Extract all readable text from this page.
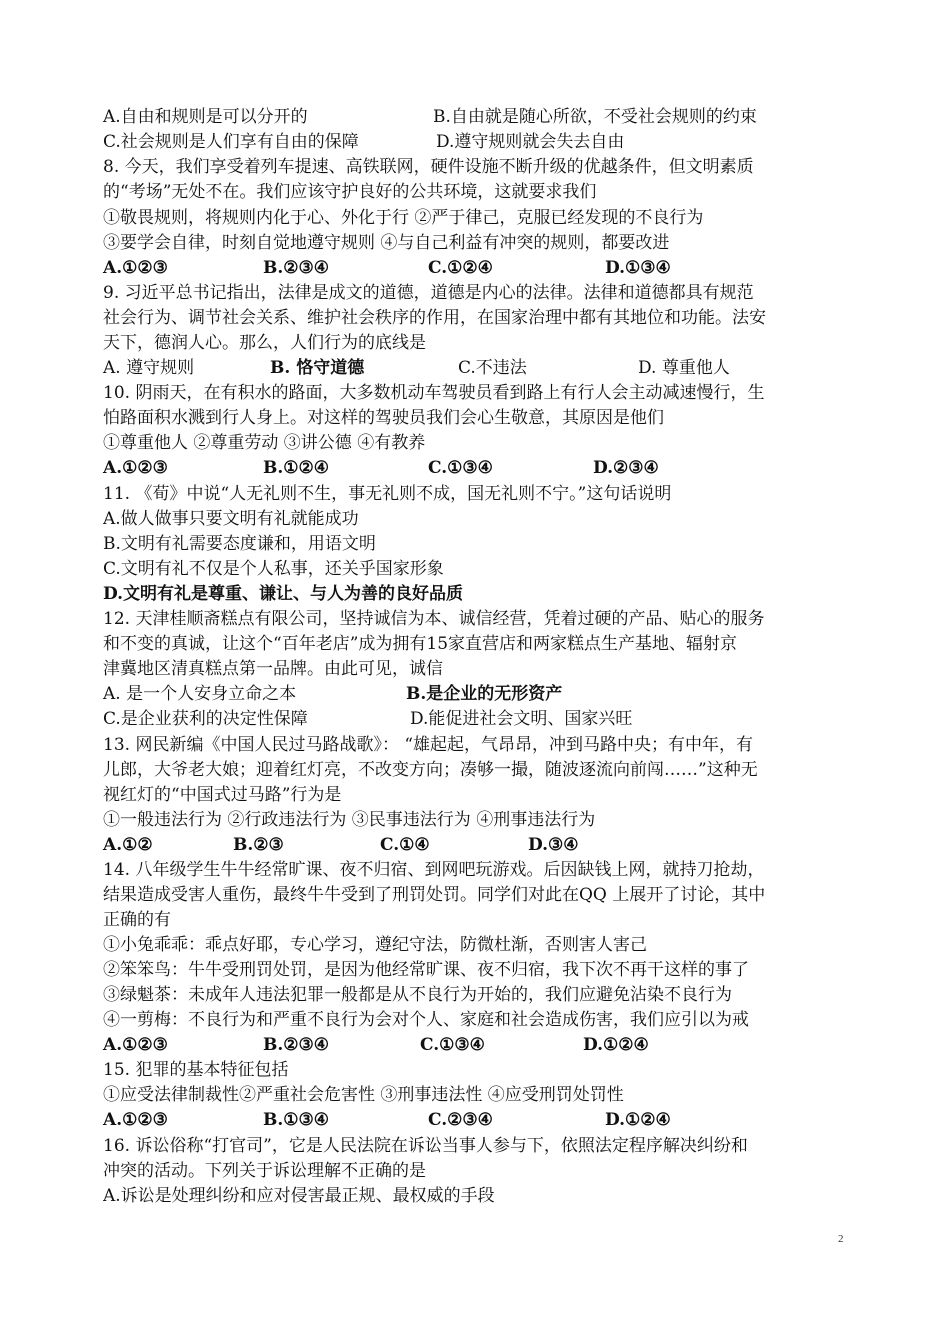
A.自由和规则是可以分开的	B.自由就是随心所欲，不受社会规则的约束
C.社会规则是人们享有自由的保障	D.遵守规则就会失去自由
8. 今天，我们享受着列车提速、高铁联网，硬件设施不断升级的优越条件，但文明素质
的“考场”无处不在。我们应该守护良好的公共环境，这就要求我们
①敬畏规则，将规则内化于心、外化于行 ②严于律己，克服已经发现的不良行为
③要学会自律，时刻自觉地遵守规则 ④与自己利益有冲突的规则，都要改进
A.①②③	B.②③④	C.①②④	D.①③④
9. 习近平总书记指出，法律是成文的道德，道德是内心的法律。法律和道德都具有规范
社会行为、调节社会关系、维护社会秩序的作用，在国家治理中都有其地位和功能。法安
天下，德润人心。那么，人们行为的底线是
A. 遵守规则	B. 恪守道德	C.不违法	D. 尊重他人
10. 阴雨天，在有积水的路面，大多数机动车驾驶员看到路上有行人会主动减速慢行，生
怕路面积水溅到行人身上。对这样的驾驶员我们会心生敬意，其原因是他们
①尊重他人 ②尊重劳动 ③讲公德 ④有教养
A.①②③	B.①②④	C.①③④	D.②③④
11. 《荀》中说“人无礼则不生，事无礼则不成，国无礼则不宁。”这句话说明
A.做人做事只要文明有礼就能成功
B.文明有礼需要态度谦和，用语文明
C.文明有礼不仅是个人私事，还关乎国家形象
D.文明有礼是尊重、谦让、与人为善的良好品质
12. 天津桂顺斋糕点有限公司，坚持诚信为本、诚信经营，凭着过硬的产品、贴心的服务
和不变的真诚，让这个“百年老店”成为拥有15家直营店和两家糕点生产基地、辐射京
津冀地区清真糕点第一品牌。由此可见，诚信
A. 是一个人安身立命之本	B.是企业的无形资产
C.是企业获利的决定性保障	D.能促进社会文明、国家兴旺
13. 网民新编《中国人民过马路战歌》： “雄起起，气昂昂，冲到马路中央；有中年，有
儿郎，大爷老大娘；迎着红灯亮，不改变方向；凑够一撮，随波逐流向前闯……”这种无
视红灯的“中国式过马路”行为是
①一般违法行为 ②行政违法行为 ③民事违法行为 ④刑事违法行为
A.①②	B.②③	C.①④	D.③④
14. 八年级学生牛牛经常旷课、夜不归宿、到网吧玩游戏。后因缺钱上网，就持刀抢劫，
结果造成受害人重伤，最终牛牛受到了刑罚处罚。同学们对此在QQ 上展开了讨论，其中
正确的有
①小兔乖乖：乖点好耶，专心学习，遵纪守法，防微杜渐，否则害人害己
②笨笨鸟：牛牛受刑罚处罚，是因为他经常旷课、夜不归宿，我下次不再干这样的事了
③绿魁茶：未成年人违法犯罪一般都是从不良行为开始的，我们应避免沾染不良行为
④一剪梅：不良行为和严重不良行为会对个人、家庭和社会造成伤害，我们应引以为戒
A.①②③	B.②③④	C.①③④	D.①②④
15. 犯罪的基本特征包括
①应受法律制裁性②严重社会危害性 ③刑事违法性 ④应受刑罚处罚性
A.①②③	B.①③④	C.②③④	D.①②④
16. 诉讼俗称“打官司”，它是人民法院在诉讼当事人参与下，依照法定程序解决纠纷和
冲突的活动。下列关于诉讼理解不正确的是
A.诉讼是处理纠纷和应对侵害最正规、最权威的手段
2
